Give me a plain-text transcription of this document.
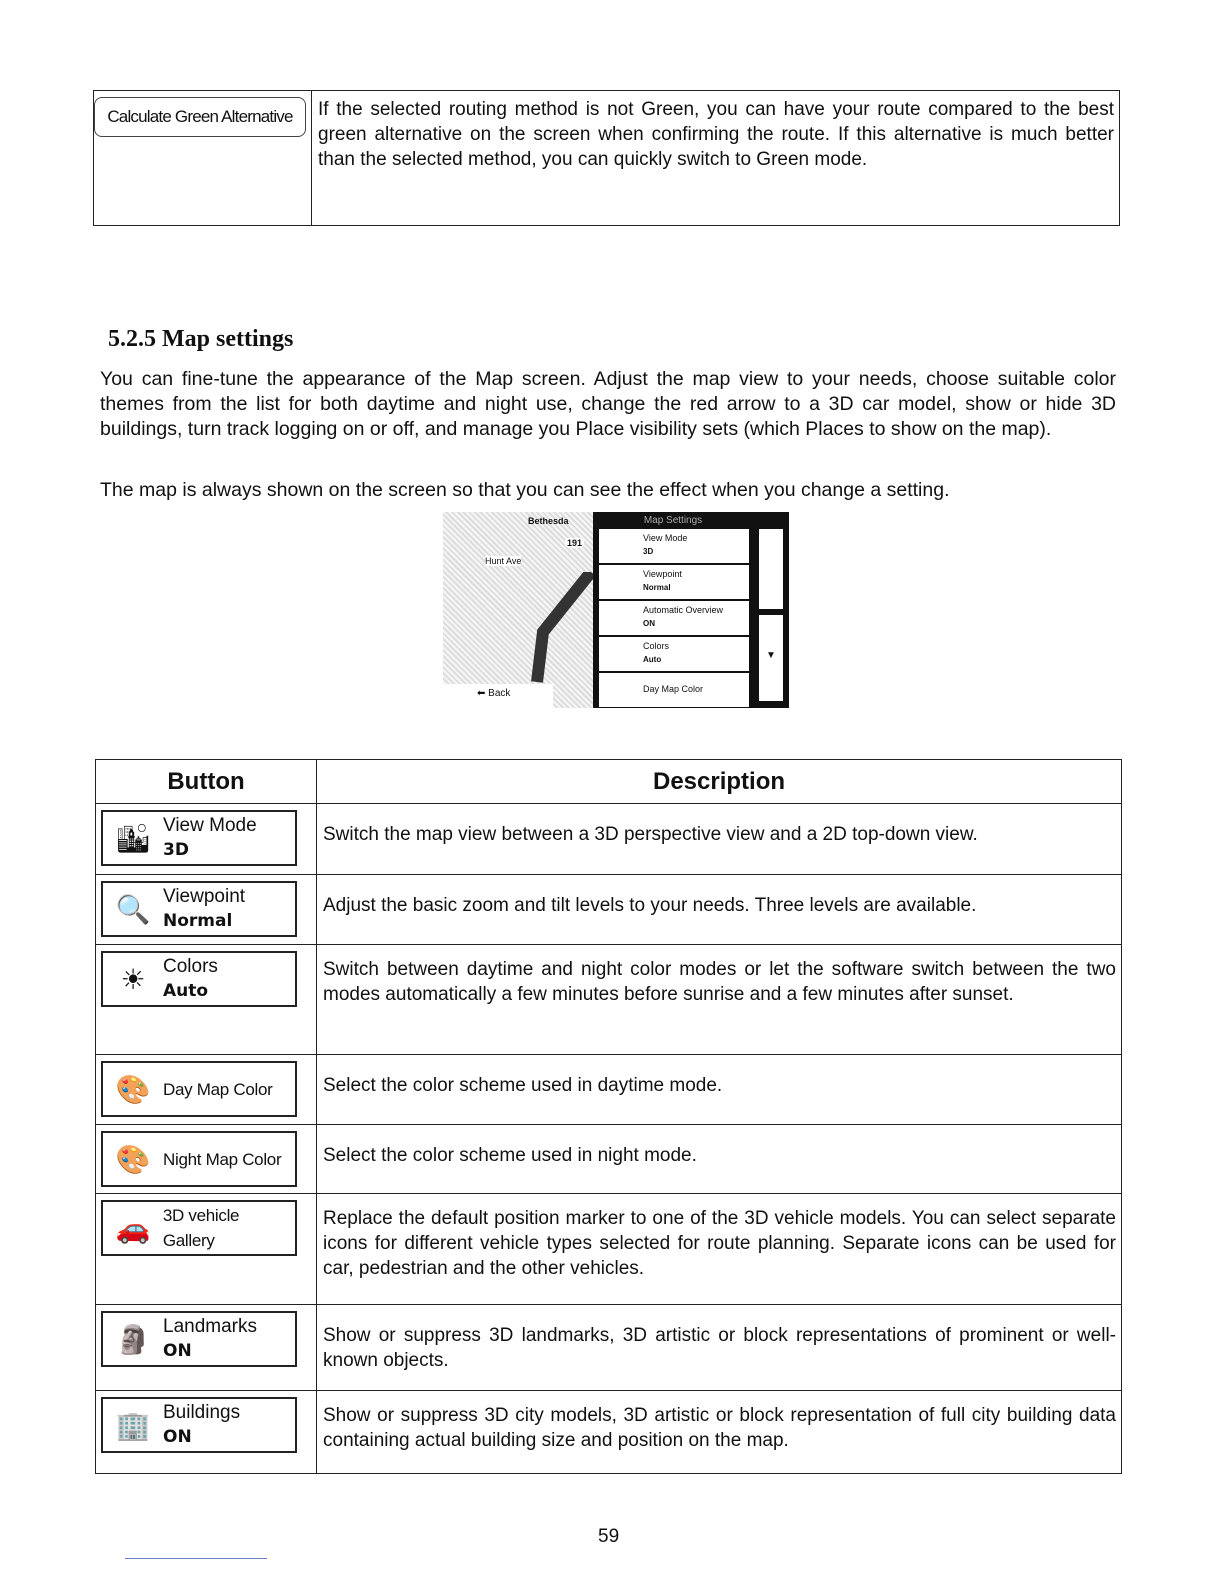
Calculate Green Alternative	If the selected routing method is not Green, you can have your route compared to the best green alternative on the screen when confirming the route. If this alternative is much better than the selected method, you can quickly switch to Green mode.
5.2.5 Map settings

You can fine-tune the appearance of the Map screen. Adjust the map view to your needs, choose suitable color themes from the list for both daytime and night use, change the red arrow to a 3D car model, show or hide 3D buildings, turn track logging on or off, and manage you Place visibility sets (which Places to show on the map).

The map is always shown on the screen so that you can see the effect when you change a setting.

Bethesda
191
Hunt Ave
⬅ Back
Map Settings
View Mode
3D
Viewpoint
Normal
Automatic Overview
ON
Colors
Auto
Day Map Color
▼
Button	Description

🏙 View Mode
3D	Switch the map view between a 3D perspective view and a 2D top-down view.

🔍 Viewpoint
Normal	Adjust the basic zoom and tilt levels to your needs. Three levels are available.

☀ Colors
Auto	Switch between daytime and night color modes or let the software switch between the two modes automatically a few minutes before sunrise and a few minutes after sunset.

🎨 Day Map Color	Select the color scheme used in daytime mode.

🎨 Night Map Color	Select the color scheme used in night mode.

🚗 3D vehicle Gallery	Replace the default position marker to one of the 3D vehicle models. You can select separate icons for different vehicle types selected for route planning. Separate icons can be used for car, pedestrian and the other vehicles.

🗿 Landmarks
ON	Show or suppress 3D landmarks, 3D artistic or block representations of prominent or well-known objects.

🏢 Buildings
ON	Show or suppress 3D city models, 3D artistic or block representation of full city building data containing actual building size and position on the map.
59
